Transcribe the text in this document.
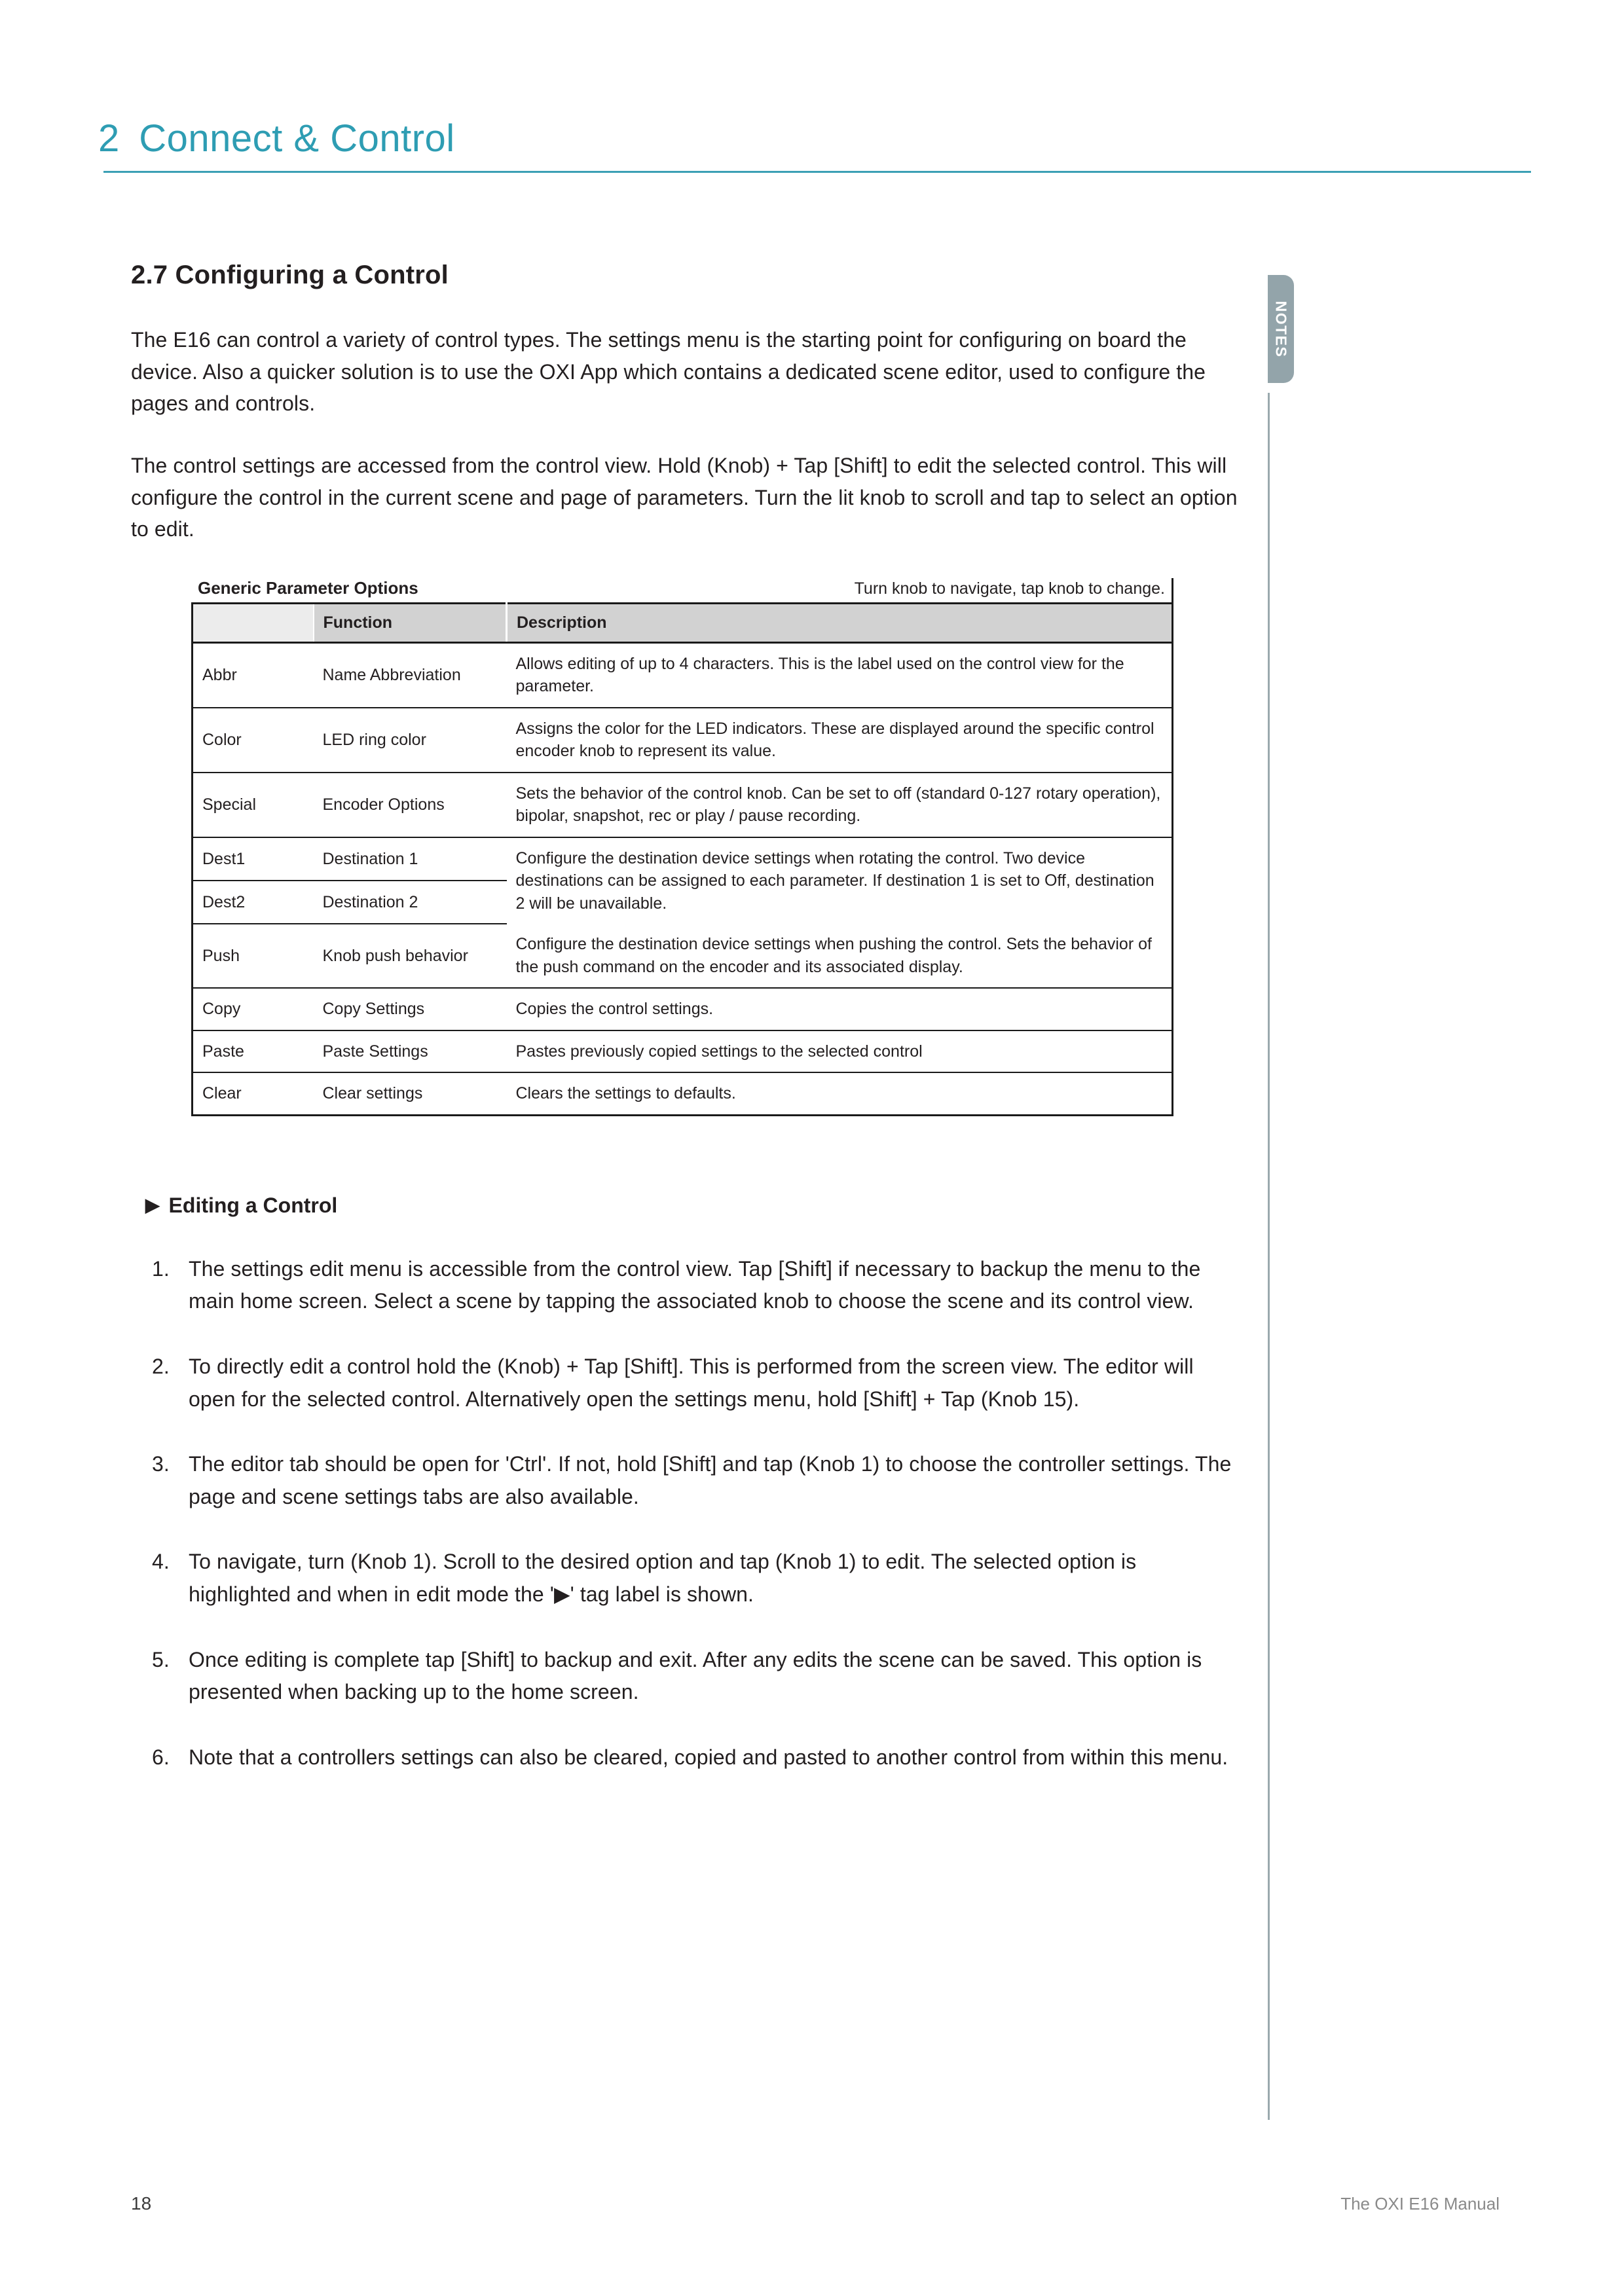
2 Connect & Control
NOTES
2.7 Configuring a Control

The E16 can control a variety of control types. The settings menu is the starting point for configuring on board the device. Also a quicker solution is to use the OXI App which contains a dedicated scene editor, used to configure the pages and controls.

The control settings are accessed from the control view. Hold (Knob) + Tap [Shift] to edit the selected control. This will configure the control in the current scene and page of parameters. Turn the lit knob to scroll and tap to select an option to edit.

Generic Parameter Options	Turn knob to navigate, tap knob to change.
	Function	Description
Abbr	Name Abbreviation	Allows editing of up to 4 characters. This is the label used on the control view for the parameter.
Color	LED ring color	Assigns the color for the LED indicators. These are displayed around the specific control encoder knob to represent its value.
Special	Encoder Options	Sets the behavior of the control knob. Can be set to off (standard 0-127 rotary operation), bipolar, snapshot, rec or play / pause recording.
Dest1	Destination 1	Configure the destination device settings when rotating the control. Two device destinations can be assigned to each parameter. If destination 1 is set to Off, destination 2 will be unavailable.
Dest2	Destination 2	
Push	Knob push behavior	Configure the destination device settings when pushing the control. Sets the behavior of the push command on the encoder and its associated display.
Copy	Copy Settings	Copies the control settings.
Paste	Paste Settings	Pastes previously copied settings to the selected control
Clear	Clear settings	Clears the settings to defaults.
▶ Editing a Control
The settings edit menu is accessible from the control view. Tap [Shift] if necessary to backup the menu to the main home screen. Select a scene by tapping the associated knob to choose the scene and its control view.
To directly edit a control hold the (Knob) + Tap [Shift]. This is performed from the screen view. The editor will open for the selected control. Alternatively open the settings menu, hold [Shift] + Tap (Knob 15).
The editor tab should be open for 'Ctrl'. If not, hold [Shift] and tap (Knob 1) to choose the controller settings. The page and scene settings tabs are also available.
To navigate, turn (Knob 1). Scroll to the desired option and tap (Knob 1) to edit. The selected option is highlighted and when in edit mode the '▶' tag label is shown.
Once editing is complete tap [Shift] to backup and exit. After any edits the scene can be saved. This option is presented when backing up to the home screen.
Note that a controllers settings can also be cleared, copied and pasted to another control from within this menu.
18	The OXI E16 Manual
